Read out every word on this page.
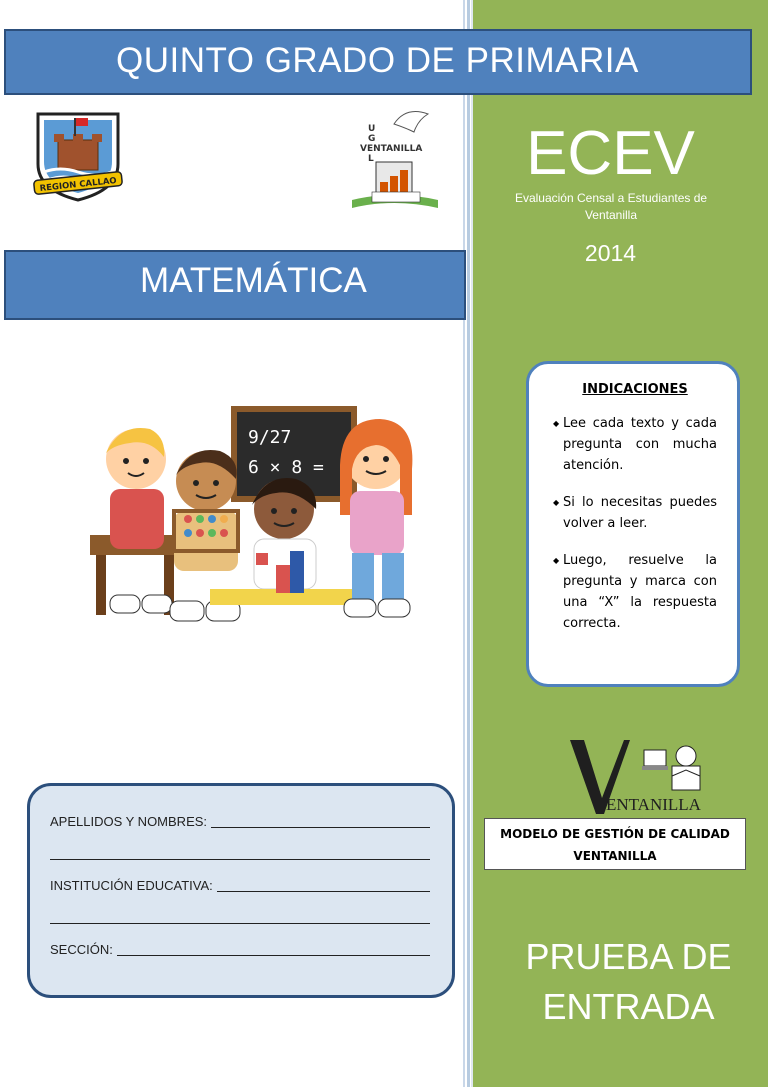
QUINTO GRADO DE PRIMARIA
REGION CALLAO
U
G
VENTANILLA
L	ECEV
Evaluación Censal a Estudiantes de Ventanilla
2014
MATEMÁTICA
9/27
6 × 8 =
INDICACIONES
◆ Lee cada texto y cada pregunta con mucha atención.
◆ Si lo necesitas puedes volver a leer.
◆ Luego, resuelve la pregunta y marca con una “X” la respuesta correcta.
ENTANILLA
MODELO DE GESTIÓN DE CALIDAD
VENTANILLA
PRUEBA DE
ENTRADA
APELLIDOS Y NOMBRES:
INSTITUCIÓN EDUCATIVA:
SECCIÓN:
